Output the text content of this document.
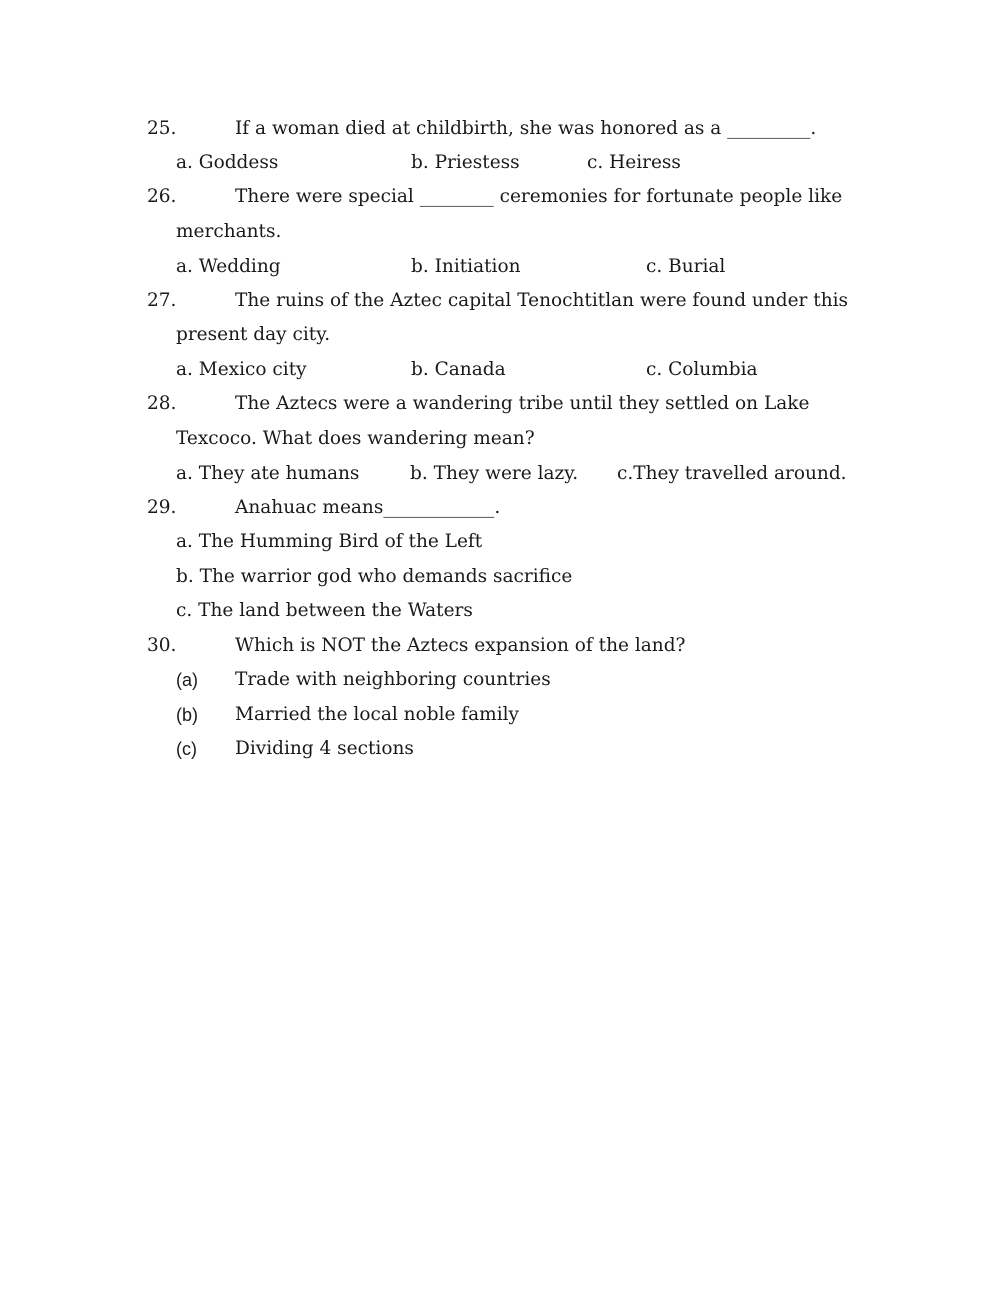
25.	If a woman died at childbirth, she was honored as a _________.
a. Goddess	b. Priestess	c. Heiress
26.	There were special ________ ceremonies for fortunate people like
merchants.
a. Wedding	b. Initiation	c. Burial
27.	The ruins of the Aztec capital Tenochtitlan were found under this
present day city.
a. Mexico city	b. Canada	c. Columbia
28.	The Aztecs were a wandering tribe until they settled on Lake
Texcoco. What does wandering mean?
a. They ate humans	b. They were lazy. c.They travelled around.
29.	Anahuac means____________.
a. The Humming Bird of the Left
b. The warrior god who demands sacrifice
c. The land between the Waters
30.	Which is NOT the Aztecs expansion of the land?
(a) Trade with neighboring countries
(b) Married the local noble family
(c) Dividing 4 sections
